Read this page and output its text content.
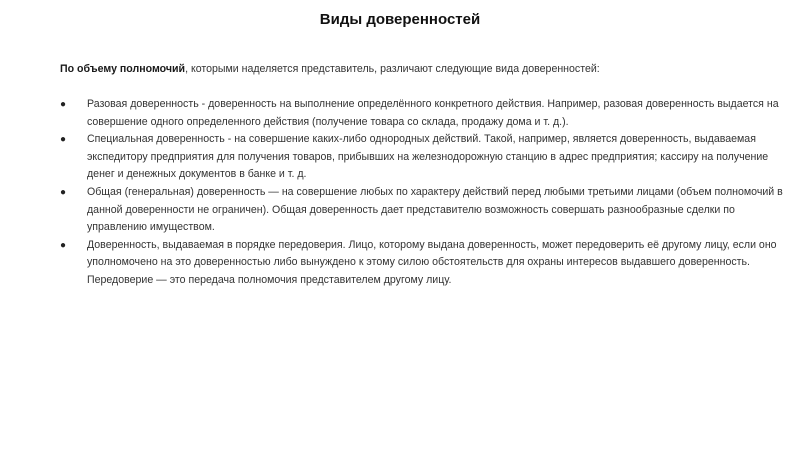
Виды доверенностей
По объему полномочий, которыми наделяется представитель, различают следующие вида доверенностей:
●	Разовая доверенность - доверенность на выполнение определённого конкретного действия. Например, разовая доверенность выдается на совершение одного определенного действия (получение товара со склада, продажу дома и т. д.).
●	Специальная доверенность - на совершение каких-либо однородных действий. Такой, например, является доверенность, выдаваемая экспедитору предприятия для получения товаров, прибывших на железнодорожную станцию в адрес предприятия; кассиру на получение денег и денежных документов в банке и т. д.
●	Общая (генеральная) доверенность — на совершение любых по характеру действий перед любыми третьими лицами (объем полномочий в данной доверенности не ограничен). Общая доверенность дает представителю возможность совершать разнообразные сделки по управлению имуществом.
●	Доверенность, выдаваемая в порядке передоверия. Лицо, которому выдана доверенность, может передоверить её другому лицу, если оно уполномочено на это доверенностью либо вынуждено к этому силою обстоятельств для охраны интересов выдавшего доверенность. Передоверие — это передача полномочия представителем другому лицу.
